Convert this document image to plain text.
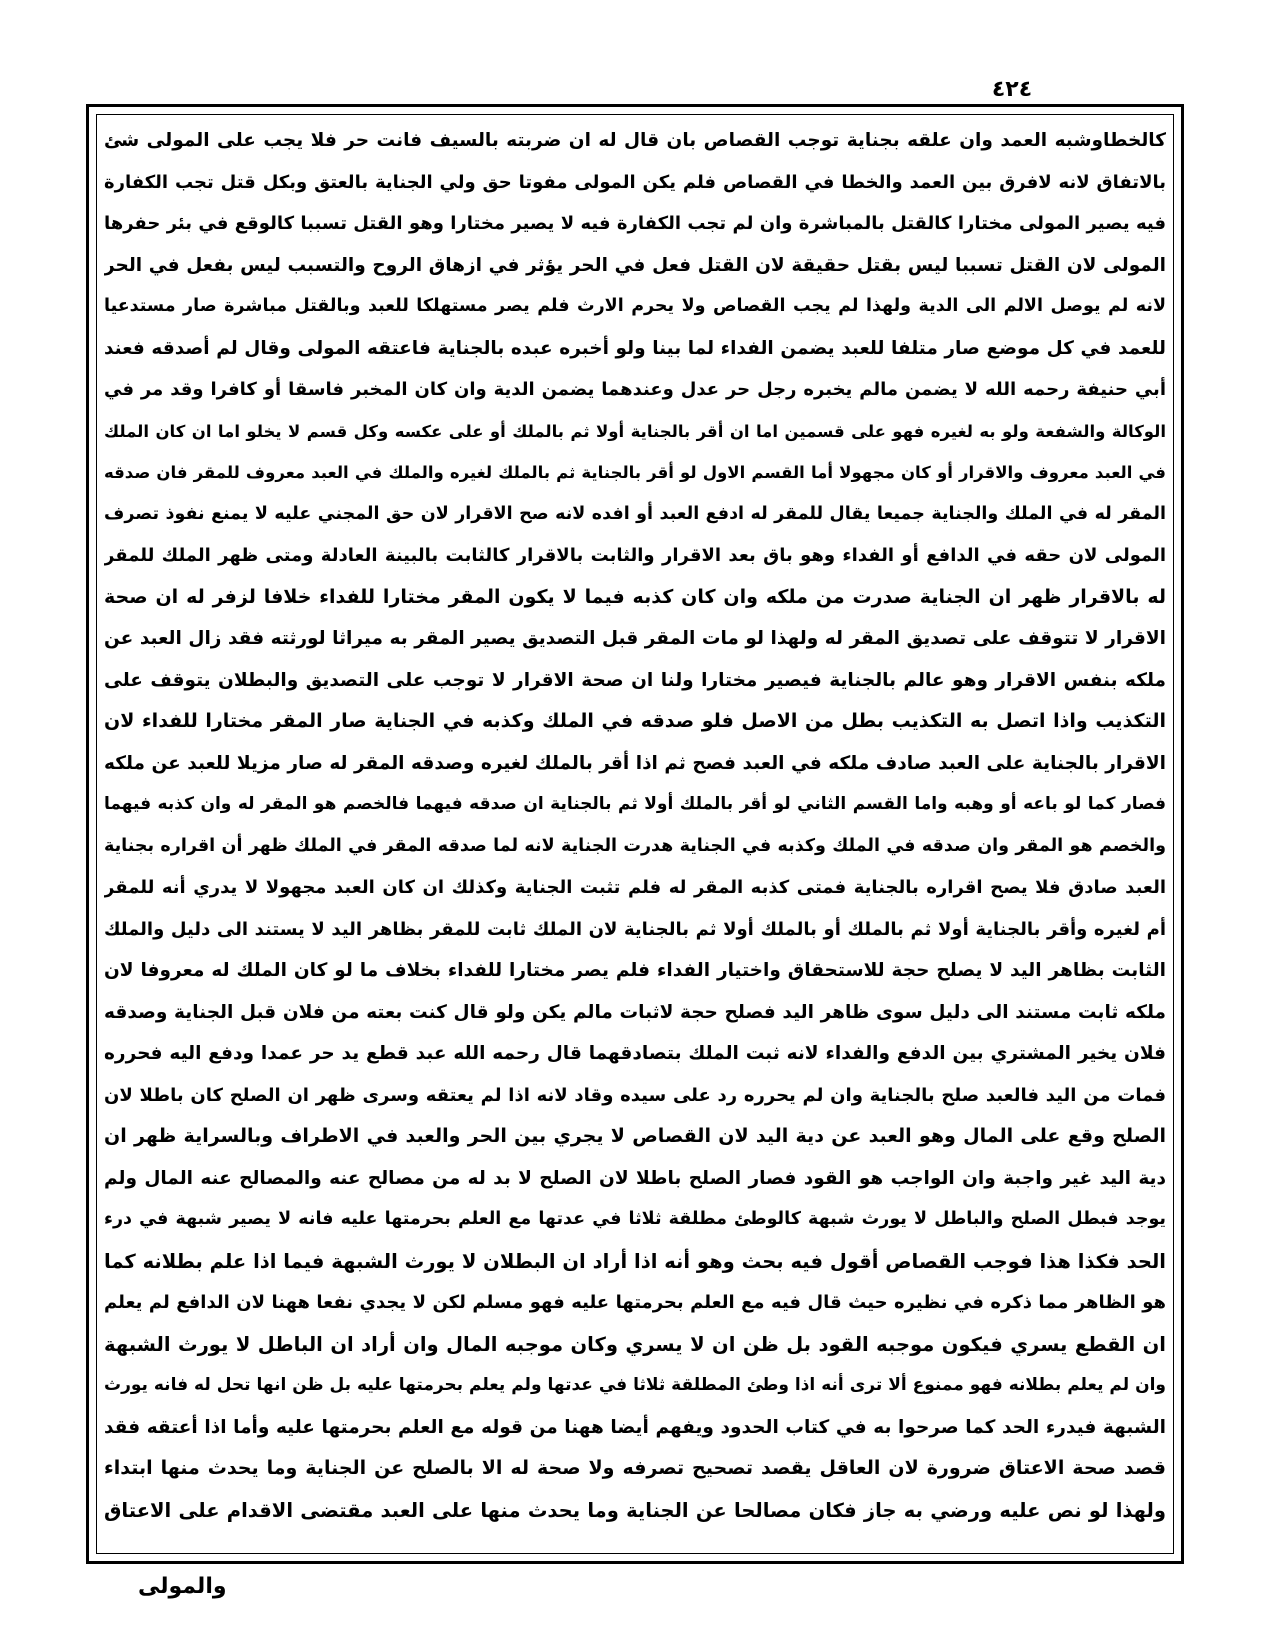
٤٢٤
كالخطاوشبه العمد وان علقه بجناية توجب القصاص بان قال له ان ضربته بالسيف فانت حر فلا يجب على المولى شئ
بالاتفاق لانه لافرق بين العمد والخطا في القصاص فلم يكن المولى مفوتا حق ولي الجناية بالعتق وبكل قتل تجب الكفارة
فيه يصير المولى مختارا كالقتل بالمباشرة وان لم تجب الكفارة فيه لا يصير مختارا وهو القتل تسببا كالوقع في بئر حفرها
المولى لان القتل تسببا ليس بقتل حقيقة لان القتل فعل في الحر يؤثر في ازهاق الروح والتسبب ليس بفعل في الحر
لانه لم يوصل الالم الى الدية ولهذا لم يجب القصاص ولا يحرم الارث فلم يصر مستهلكا للعبد وبالقتل مباشرة صار مستدعيا
للعمد في كل موضع صار متلفا للعبد يضمن الفداء لما بينا ولو أخبره عبده بالجناية فاعتقه المولى وقال لم أصدقه فعند
أبي حنيفة رحمه الله لا يضمن مالم يخبره رجل حر عدل وعندهما يضمن الدية وان كان المخبر فاسقا أو كافرا وقد مر في
الوكالة والشفعة ولو به لغيره فهو على قسمين اما ان أقر بالجناية أولا ثم بالملك أو على عكسه وكل قسم لا يخلو اما ان كان الملك
في العبد معروف والاقرار أو كان مجهولا أما القسم الاول لو أقر بالجناية ثم بالملك لغيره والملك في العبد معروف للمقر فان صدقه
المقر له في الملك والجناية جميعا يقال للمقر له ادفع العبد أو افده لانه صح الاقرار لان حق المجني عليه لا يمنع نفوذ تصرف
المولى لان حقه في الدافع أو الفداء وهو باق بعد الاقرار والثابت بالاقرار كالثابت بالبينة العادلة ومتى ظهر الملك للمقر
له بالاقرار ظهر ان الجناية صدرت من ملكه وان كان كذبه فيما لا يكون المقر مختارا للفداء خلافا لزفر له ان صحة
الاقرار لا تتوقف على تصديق المقر له ولهذا لو مات المقر قبل التصديق يصير المقر به ميراثا لورثته فقد زال العبد عن
ملكه بنفس الاقرار وهو عالم بالجناية فيصير مختارا ولنا ان صحة الاقرار لا توجب على التصديق والبطلان يتوقف على
التكذيب واذا اتصل به التكذيب بطل من الاصل فلو صدقه في الملك وكذبه في الجناية صار المقر مختارا للفداء لان
الاقرار بالجناية على العبد صادف ملكه في العبد فصح ثم اذا أقر بالملك لغيره وصدقه المقر له صار مزيلا للعبد عن ملكه
فصار كما لو باعه أو وهبه واما القسم الثاني لو أقر بالملك أولا ثم بالجناية ان صدقه فيهما فالخصم هو المقر له وان كذبه فيهما
والخصم هو المقر وان صدقه في الملك وكذبه في الجناية هدرت الجناية لانه لما صدقه المقر في الملك ظهر أن اقراره بجناية
العبد صادق فلا يصح اقراره بالجناية فمتى كذبه المقر له فلم تثبت الجناية وكذلك ان كان العبد مجهولا لا يدري أنه للمقر
أم لغيره وأقر بالجناية أولا ثم بالملك أو بالملك أولا ثم بالجناية لان الملك ثابت للمقر بظاهر اليد لا يستند الى دليل والملك
الثابت بظاهر اليد لا يصلح حجة للاستحقاق واختيار الفداء فلم يصر مختارا للفداء بخلاف ما لو كان الملك له معروفا لان
ملكه ثابت مستند الى دليل سوى ظاهر اليد فصلح حجة لاثبات مالم يكن ولو قال كنت بعته من فلان قبل الجناية وصدقه
فلان يخير المشتري بين الدفع والفداء لانه ثبت الملك بتصادقهما قال رحمه الله عبد قطع يد حر عمدا ودفع اليه فحرره
فمات من اليد فالعبد صلح بالجناية وان لم يحرره رد على سيده وقاد لانه اذا لم يعتقه وسرى ظهر ان الصلح كان باطلا لان
الصلح وقع على المال وهو العبد عن دية اليد لان القصاص لا يجري بين الحر والعبد في الاطراف وبالسراية ظهر ان
دية اليد غير واجبة وان الواجب هو القود فصار الصلح باطلا لان الصلح لا بد له من مصالح عنه والمصالح عنه المال ولم
يوجد فبطل الصلح والباطل لا يورث شبهة كالوطئ مطلقة ثلاثا في عدتها مع العلم بحرمتها عليه فانه لا يصير شبهة في درء
الحد فكذا هذا فوجب القصاص أقول فيه بحث وهو أنه اذا أراد ان البطلان لا يورث الشبهة فيما اذا علم بطلانه كما
هو الظاهر مما ذكره في نظيره حيث قال فيه مع العلم بحرمتها عليه فهو مسلم لكن لا يجدي نفعا ههنا لان الدافع لم يعلم
ان القطع يسري فيكون موجبه القود بل ظن ان لا يسري وكان موجبه المال وان أراد ان الباطل لا يورث الشبهة
وان لم يعلم بطلانه فهو ممنوع ألا ترى أنه اذا وطئ المطلقة ثلاثا في عدتها ولم يعلم بحرمتها عليه بل ظن انها تحل له فانه يورث
الشبهة فيدرء الحد كما صرحوا به في كتاب الحدود ويفهم أيضا ههنا من قوله مع العلم بحرمتها عليه وأما اذا أعتقه فقد
قصد صحة الاعتاق ضرورة لان العاقل يقصد تصحيح تصرفه ولا صحة له الا بالصلح عن الجناية وما يحدث منها ابتداء
ولهذا لو نص عليه ورضي به جاز فكان مصالحا عن الجناية وما يحدث منها على العبد مقتضى الاقدام على الاعتاق
والمولى
